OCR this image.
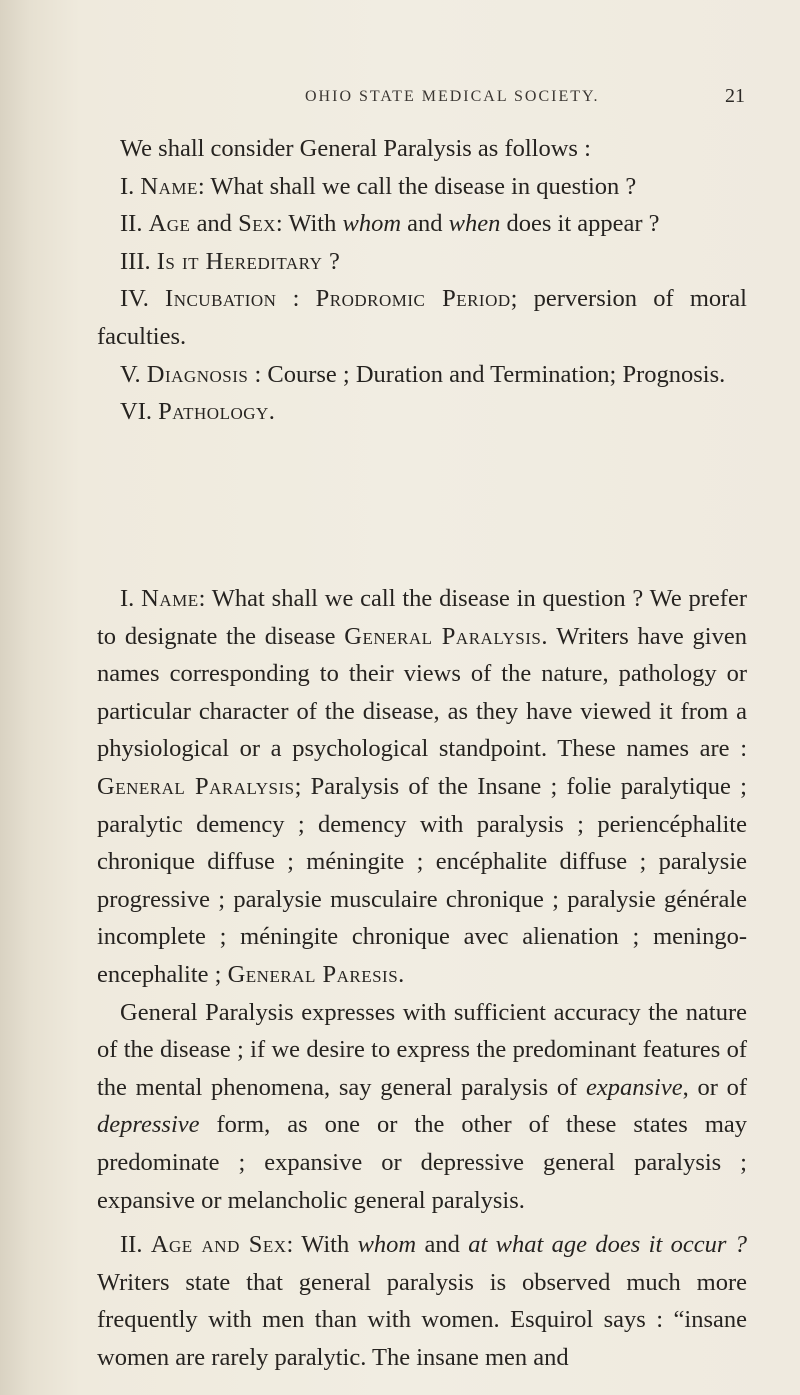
OHIO STATE MEDICAL SOCIETY.	21

We shall consider General Paralysis as follows :

I. Name: What shall we call the disease in question ?

II. Age and Sex: With whom and when does it appear ?

III. Is it Hereditary ?

IV. Incubation : Prodromic Period; perversion of moral faculties.

V. Diagnosis : Course ; Duration and Termination; Prognosis.

VI. Pathology.

I. Name: What shall we call the disease in question ? We prefer to designate the disease General Paralysis. Writers have given names corresponding to their views of the nature, pathology or particular character of the disease, as they have viewed it from a physiological or a psychological standpoint. These names are : General Paralysis; Paralysis of the Insane ; folie paralytique ; paralytic demency ; demency with paralysis ; periencéphalite chronique diffuse ; méningite ; encéphalite diffuse ; paralysie progressive ; paralysie musculaire chronique ; paralysie générale incomplete ; méningite chronique avec alienation ; meningo-encephalite ; General Paresis.

General Paralysis expresses with sufficient accuracy the nature of the disease ; if we desire to express the predominant features of the mental phenomena, say general paralysis of expansive, or of depressive form, as one or the other of these states may predominate ; expansive or depressive general paralysis ; expansive or melancholic general paralysis.

II. Age and Sex: With whom and at what age does it occur ? Writers state that general paralysis is observed much more frequently with men than with women. Esquirol says : “insane women are rarely paralytic. The insane men and
